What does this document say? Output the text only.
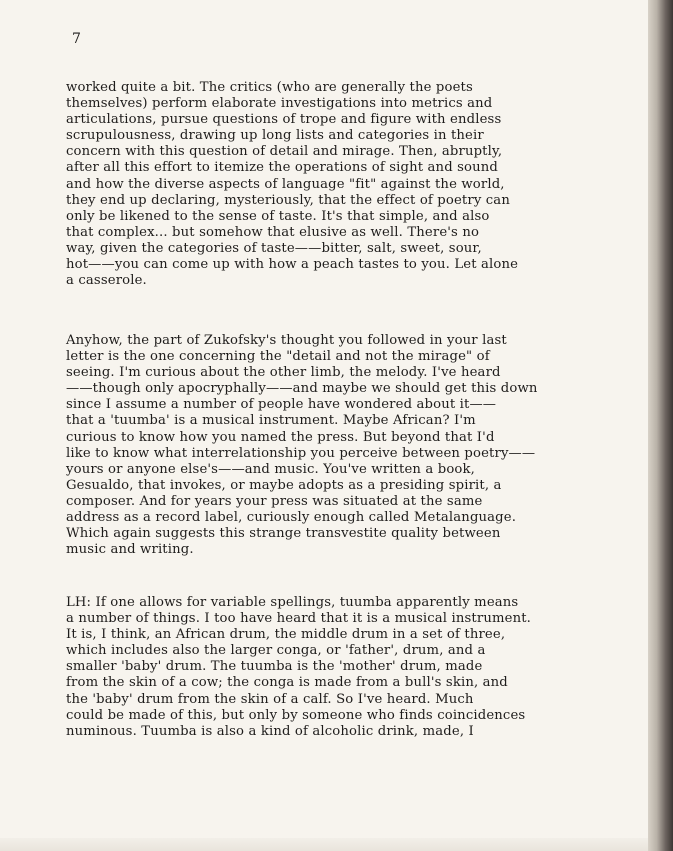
7

worked quite a bit. The critics (who are generally the poets
themselves) perform elaborate investigations into metrics and
articulations, pursue questions of trope and figure with endless
scrupulousness, drawing up long lists and categories in their
concern with this question of detail and mirage. Then, abruptly,
after all this effort to itemize the operations of sight and sound
and how the diverse aspects of language "fit" against the world,
they end up declaring, mysteriously, that the effect of poetry can
only be likened to the sense of taste. It's that simple, and also
that complex... but somehow that elusive as well. There's no
way, given the categories of taste——bitter, salt, sweet, sour,
hot——you can come up with how a peach tastes to you. Let alone
a casserole.

Anyhow, the part of Zukofsky's thought you followed in your last
letter is the one concerning the "detail and not the mirage" of
seeing. I'm curious about the other limb, the melody. I've heard
——though only apocryphally——and maybe we should get this down
since I assume a number of people have wondered about it——
that a 'tuumba' is a musical instrument. Maybe African? I'm
curious to know how you named the press. But beyond that I'd
like to know what interrelationship you perceive between poetry——
yours or anyone else's——and music. You've written a book,
Gesualdo, that invokes, or maybe adopts as a presiding spirit, a
composer. And for years your press was situated at the same
address as a record label, curiously enough called Metalanguage.
Which again suggests this strange transvestite quality between
music and writing.

LH: If one allows for variable spellings, tuumba apparently means
a number of things. I too have heard that it is a musical instrument.
It is, I think, an African drum, the middle drum in a set of three,
which includes also the larger conga, or 'father', drum, and a
smaller 'baby' drum. The tuumba is the 'mother' drum, made
from the skin of a cow; the conga is made from a bull's skin, and
the 'baby' drum from the skin of a calf. So I've heard. Much
could be made of this, but only by someone who finds coincidences
numinous. Tuumba is also a kind of alcoholic drink, made, I
